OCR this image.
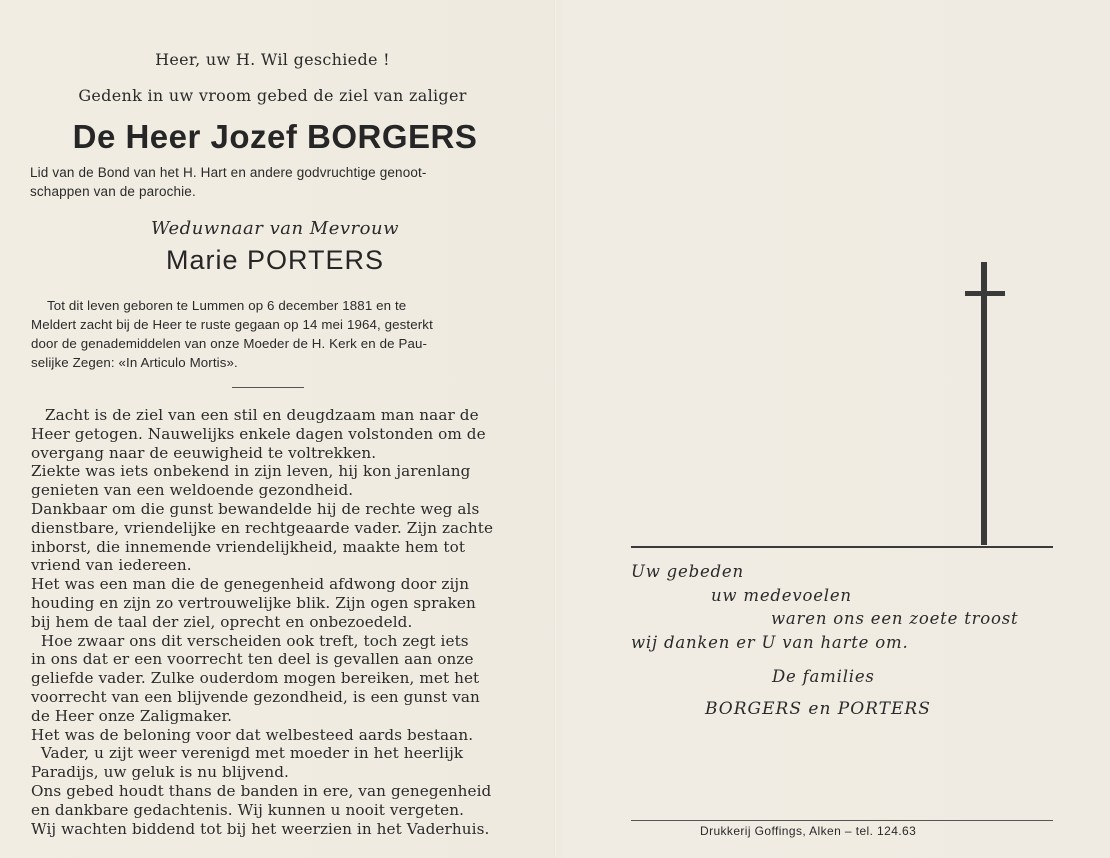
Heer, uw H. Wil geschiede !
Gedenk in uw vroom gebed de ziel van zaliger
De Heer Jozef BORGERS
Lid van de Bond van het H. Hart en andere godvruchtige genoot-
schappen van de parochie.
Weduwnaar van Mevrouw
Marie PORTERS
Tot dit leven geboren te Lummen op 6 december 1881 en te
Meldert zacht bij de Heer te ruste gegaan op 14 mei 1964, gesterkt
door de genademiddelen van onze Moeder de H. Kerk en de Pau-
selijke Zegen: «In Articulo Mortis».
Zacht is de ziel van een stil en deugdzaam man naar de
Heer getogen. Nauwelijks enkele dagen volstonden om de
overgang naar de eeuwigheid te voltrekken.
Ziekte was iets onbekend in zijn leven, hij kon jarenlang
genieten van een weldoende gezondheid.
Dankbaar om die gunst bewandelde hij de rechte weg als
dienstbare, vriendelijke en rechtgeaarde vader. Zijn zachte
inborst, die innemende vriendelijkheid, maakte hem tot
vriend van iedereen.
Het was een man die de genegenheid afdwong door zijn
houding en zijn zo vertrouwelijke blik. Zijn ogen spraken
bij hem de taal der ziel, oprecht en onbezoedeld.
Hoe zwaar ons dit verscheiden ook treft, toch zegt iets
in ons dat er een voorrecht ten deel is gevallen aan onze
geliefde vader. Zulke ouderdom mogen bereiken, met het
voorrecht van een blijvende gezondheid, is een gunst van
de Heer onze Zaligmaker.
Het was de beloning voor dat welbesteed aards bestaan.
Vader, u zijt weer verenigd met moeder in het heerlijk
Paradijs, uw geluk is nu blijvend.
Ons gebed houdt thans de banden in ere, van genegenheid
en dankbare gedachtenis. Wij kunnen u nooit vergeten.
Wij wachten biddend tot bij het weerzien in het Vaderhuis.
Uw gebeden
uw medevoelen
waren ons een zoete troost
wij danken er U van harte om.
De families
BORGERS en PORTERS
Drukkerij Goffings, Alken – tel. 124.63
